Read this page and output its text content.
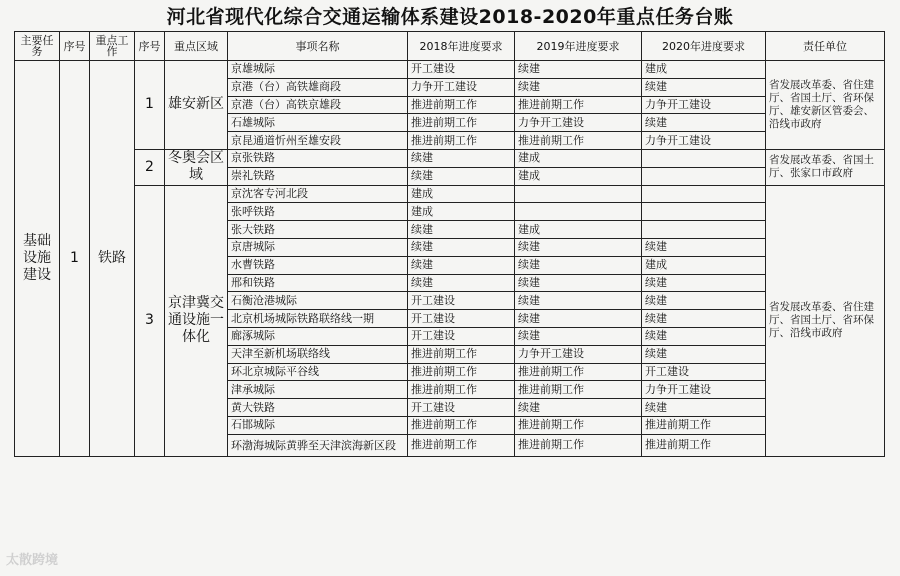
河北省现代化综合交通运输体系建设2018-2020年重点任务台账
主要任务	序号	重点工作	序号	重点区域	事项名称	2018年进度要求	2019年进度要求	2020年进度要求	责任单位
基础设施建设	1	铁路	1	雄安新区	京雄城际	开工建设	续建	建成	省发展改革委、省住建厅、省国土厅、省环保厅、雄安新区管委会、沿线市政府
					京港（台）高铁雄商段	力争开工建设	续建	续建	
					京港（台）高铁京雄段	推进前期工作	推进前期工作	力争开工建设	
					石雄城际	推进前期工作	力争开工建设	续建	
					京昆通道忻州至雄安段	推进前期工作	推进前期工作	力争开工建设	
			2	冬奥会区域	京张铁路	续建	建成		省发展改革委、省国土厅、张家口市政府
					崇礼铁路	续建	建成		
			3	京津冀交通设施一体化	京沈客专河北段	建成			省发展改革委、省住建厅、省国土厅、省环保厅、沿线市政府
					张呼铁路	建成			
					张大铁路	续建	建成		
					京唐城际	续建	续建	续建	
					水曹铁路	续建	续建	建成	
					邢和铁路	续建	续建	续建	
					石衡沧港城际	开工建设	续建	续建	
					北京机场城际铁路联络线一期	开工建设	续建	续建	
					廊涿城际	开工建设	续建	续建	
					天津至新机场联络线	推进前期工作	力争开工建设	续建	
					环北京城际平谷线	推进前期工作	推进前期工作	开工建设	
					津承城际	推进前期工作	推进前期工作	力争开工建设	
					黄大铁路	开工建设	续建	续建	
					石邯城际	推进前期工作	推进前期工作	推进前期工作	
					环渤海城际黄骅至天津滨海新区段	推进前期工作	推进前期工作	推进前期工作	
太散跨境
